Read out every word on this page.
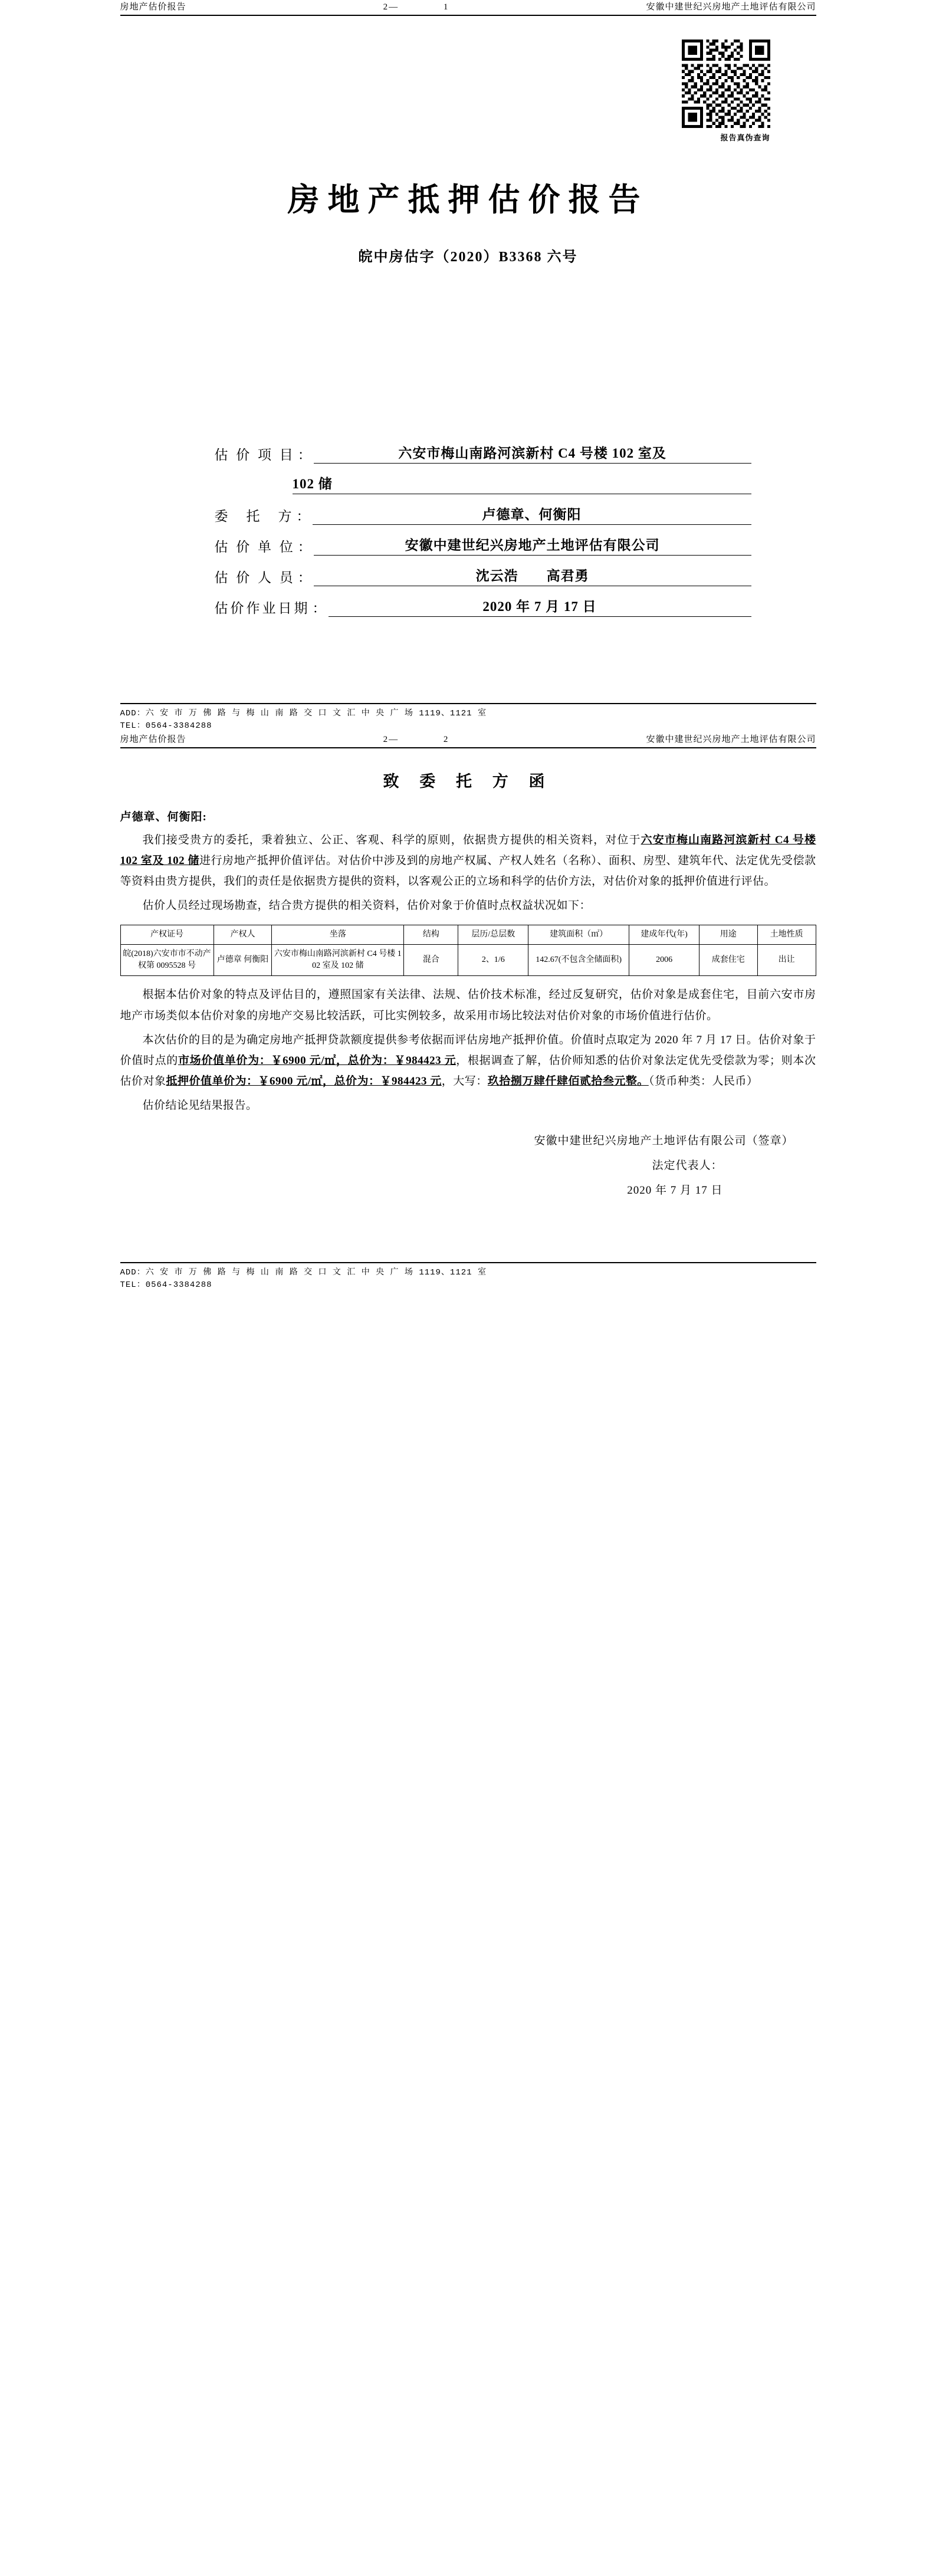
房地产估价报告	2—	1	安徽中建世纪兴房地产土地评估有限公司
报告真伪查询
房地产抵押估价报告
皖中房估字（2020）B3368 六号
估 价 项 目 ：	六安市梅山南路河滨新村 C4 号楼 102 室及
102 储
委　托　方 ：	卢德章、何衡阳
估 价 单 位 ：	安徽中建世纪兴房地产土地评估有限公司
估 价 人 员 ：	沈云浩　　高君勇
估价作业日期 ：	2020 年 7 月 17 日
ADD：六 安 市 万 佛 路 与 梅 山 南 路 交 口 文 汇 中 央 广 场 1119、1121 室
TEL：0564-3384288
房地产估价报告	2—	2	安徽中建世纪兴房地产土地评估有限公司
致 委 托 方 函

卢德章、何衡阳:

我们接受贵方的委托，秉着独立、公正、客观、科学的原则，依据贵方提供的相关资料，对位于六安市梅山南路河滨新村 C4 号楼 102 室及 102 储进行房地产抵押价值评估。对估价中涉及到的房地产权属、产权人姓名（名称）、面积、房型、建筑年代、法定优先受偿款等资料由贵方提供，我们的责任是依据贵方提供的资料，以客观公正的立场和科学的估价方法，对估价对象的抵押价值进行评估。

估价人员经过现场勘查，结合贵方提供的相关资料，估价对象于价值时点权益状况如下：

产权证号	产权人	坐落	结构	层历/总层数	建筑面积（㎡）	建成年代(年)	用途	土地性质
皖(2018)六安市市不动产权第 0095528 号	卢德章 何衡阳	六安市梅山南路河滨新村 C4 号楼 102 室及 102 储	混合	2、1/6	142.67(不包含全储面积)	2006	成套住宅	出让

根据本估价对象的特点及评估目的，遵照国家有关法律、法规、估价技术标准，经过反复研究，估价对象是成套住宅，目前六安市房地产市场类似本估价对象的房地产交易比较活跃，可比实例较多，故采用市场比较法对估价对象的市场价值进行估价。

本次估价的目的是为确定房地产抵押贷款额度提供参考依据而评估房地产抵押价值。价值时点取定为 2020 年 7 月 17 日。估价对象于价值时点的市场价值单价为：￥6900 元/㎡，总价为：￥984423 元，根据调查了解，估价师知悉的估价对象法定优先受偿款为零；则本次估价对象抵押价值单价为：￥6900 元/㎡，总价为：￥984423 元，大写：玖拾捌万肆仟肆佰贰拾叁元整。（货币种类：人民币）

估价结论见结果报告。

安徽中建世纪兴房地产土地评估有限公司（签章）
法定代表人：
2020 年 7 月 17 日
ADD：六 安 市 万 佛 路 与 梅 山 南 路 交 口 文 汇 中 央 广 场 1119、1121 室
TEL：0564-3384288
